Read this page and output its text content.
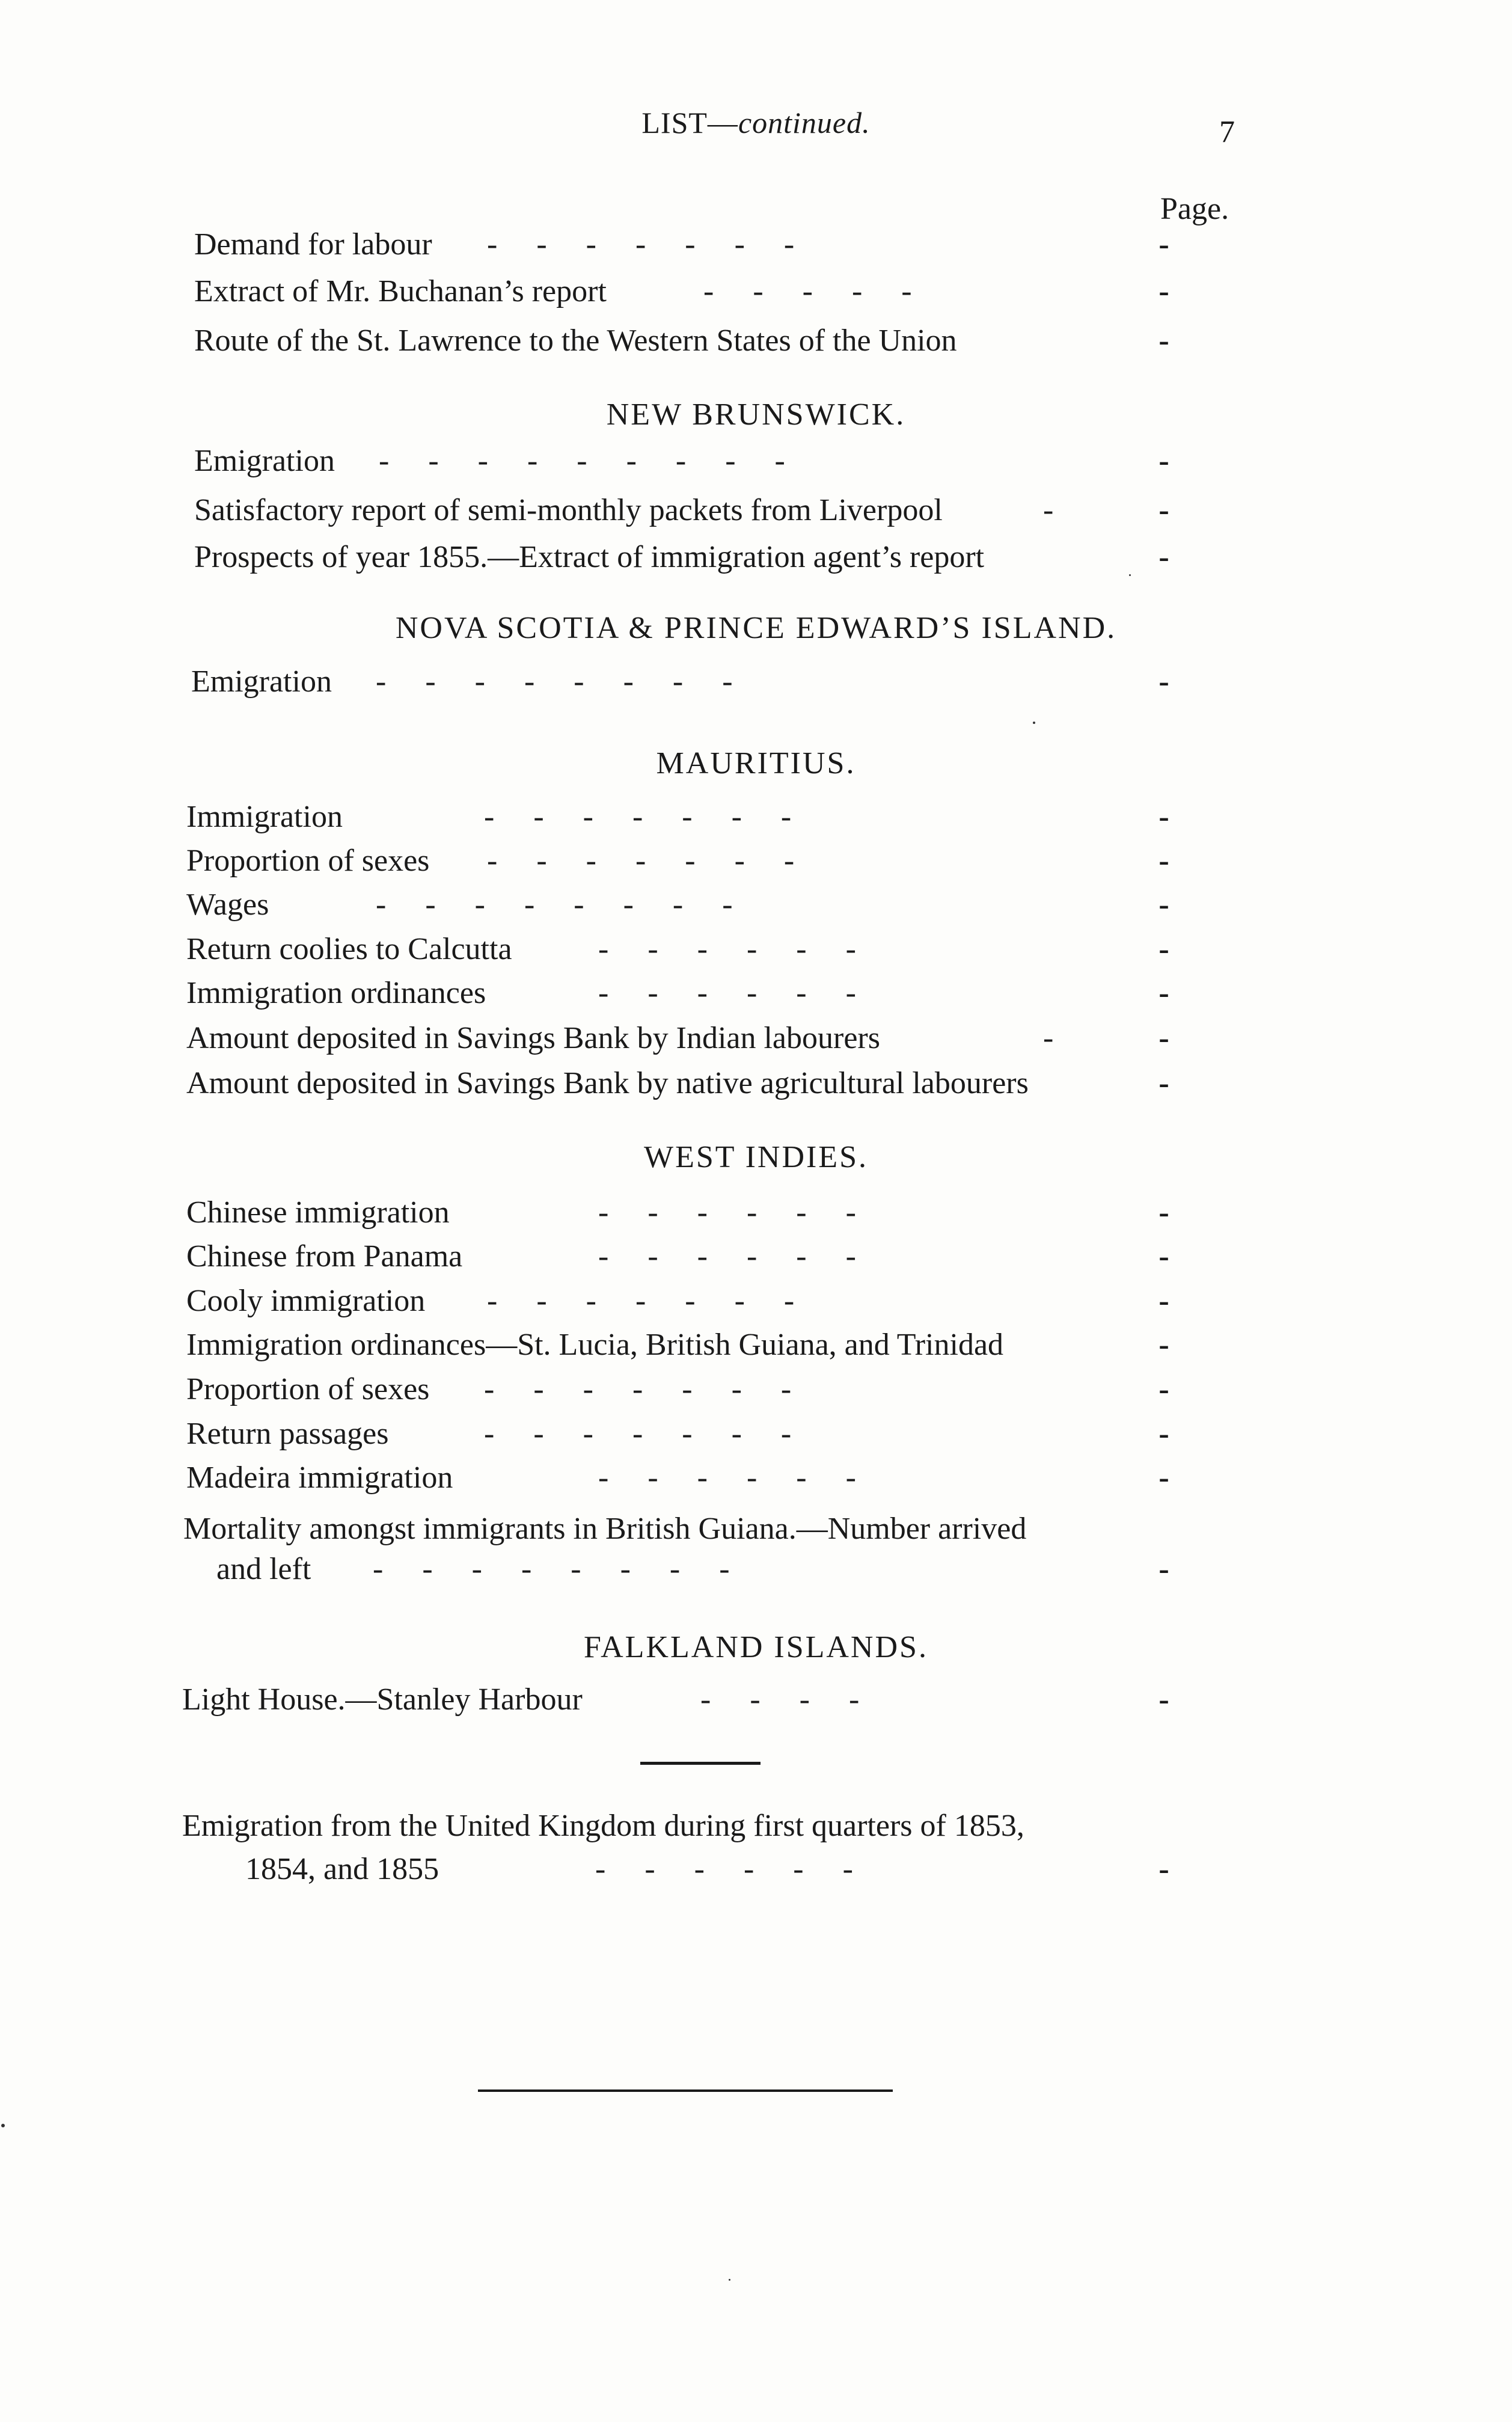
LIST—continued.	7
Page.
Demand for labour -     -     -     -     -     -     -	-
Extract of Mr. Buchanan’s report	-     -     -     -     -	-
Route of the St. Lawrence to the Western States of the Union	-
NEW BRUNSWICK.
Emigration -     -     -     -     -     -     -     -     -	-
Satisfactory report of semi-monthly packets from Liverpool	-	-
Prospects of year 1855.—Extract of immigration agent’s report	-
NOVA SCOTIA & PRINCE EDWARD’S ISLAND.
Emigration -     -     -     -     -     -     -     -	-
MAURITIUS.
Immigration	-     -     -     -     -     -     -	-
Proportion of sexes -     -     -     -     -     -     -	-
Wages	-     -     -     -     -     -     -     -	-
Return coolies to Calcutta	-     -     -     -     -     -	-
Immigration ordinances	-     -     -     -     -     -	-
Amount deposited in Savings Bank by Indian labourers	-	-
Amount deposited in Savings Bank by native agricultural labourers	-
WEST INDIES.
Chinese immigration	-     -     -     -     -     -	-
Chinese from Panama	-     -     -     -     -     -	-
Cooly immigration -     -     -     -     -     -     -	-
Immigration ordinances—St. Lucia, British Guiana, and Trinidad	-
Proportion of sexes -     -     -     -     -     -     -	-
Return passages	-     -     -     -     -     -     -	-
Madeira immigration	-     -     -     -     -     -	-
Mortality amongst immigrants in British Guiana.—Number arrived
and left -     -     -     -     -     -     -     -	-
FALKLAND ISLANDS.
Light House.—Stanley Harbour	-     -     -     -	-
Emigration from the United Kingdom during first quarters of 1853,
1854, and 1855	-     -     -     -     -     -	-
